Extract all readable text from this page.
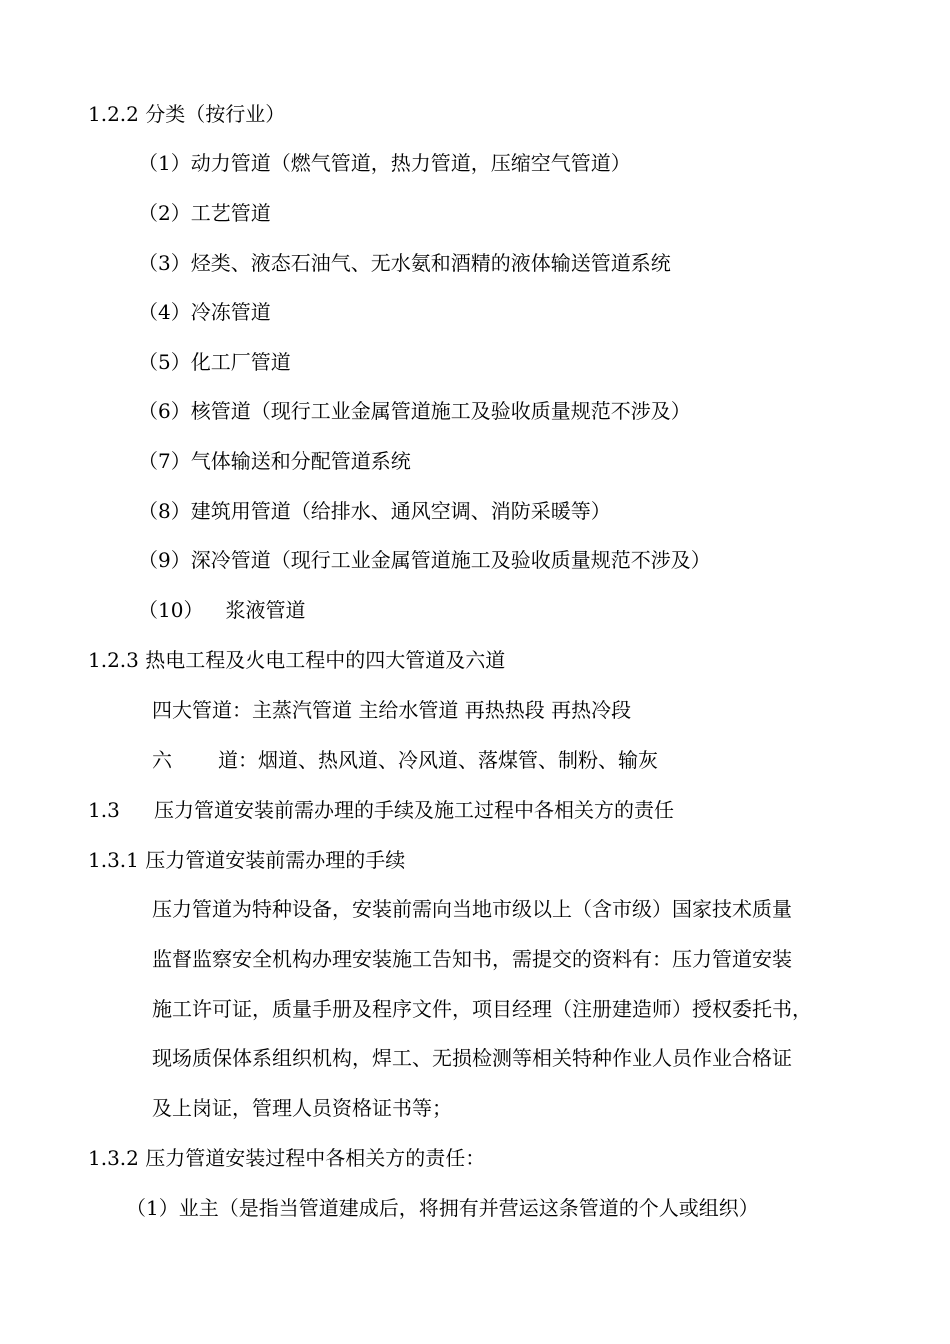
1.2.2 分类（按行业）
（1）动力管道（燃气管道，热力管道，压缩空气管道）
（2）工艺管道
（3）烃类、液态石油气、无水氨和酒精的液体输送管道系统
（4）冷冻管道
（5）化工厂管道
（6）核管道（现行工业金属管道施工及验收质量规范不涉及）
（7）气体输送和分配管道系统
（8）建筑用管道（给排水、通风空调、消防采暖等）
（9）深冷管道（现行工业金属管道施工及验收质量规范不涉及）
（10） 浆液管道
1.2.3 热电工程及火电工程中的四大管道及六道
四大管道：主蒸汽管道 主给水管道 再热热段 再热冷段
六 道：烟道、热风道、冷风道、落煤管、制粉、输灰
1.3 压力管道安装前需办理的手续及施工过程中各相关方的责任
1.3.1 压力管道安装前需办理的手续
压力管道为特种设备，安装前需向当地市级以上（含市级）国家技术质量
监督监察安全机构办理安装施工告知书，需提交的资料有：压力管道安装
施工许可证，质量手册及程序文件，项目经理（注册建造师）授权委托书，
现场质保体系组织机构，焊工、无损检测等相关特种作业人员作业合格证
及上岗证，管理人员资格证书等；
1.3.2 压力管道安装过程中各相关方的责任：
（1）业主（是指当管道建成后，将拥有并营运这条管道的个人或组织）
